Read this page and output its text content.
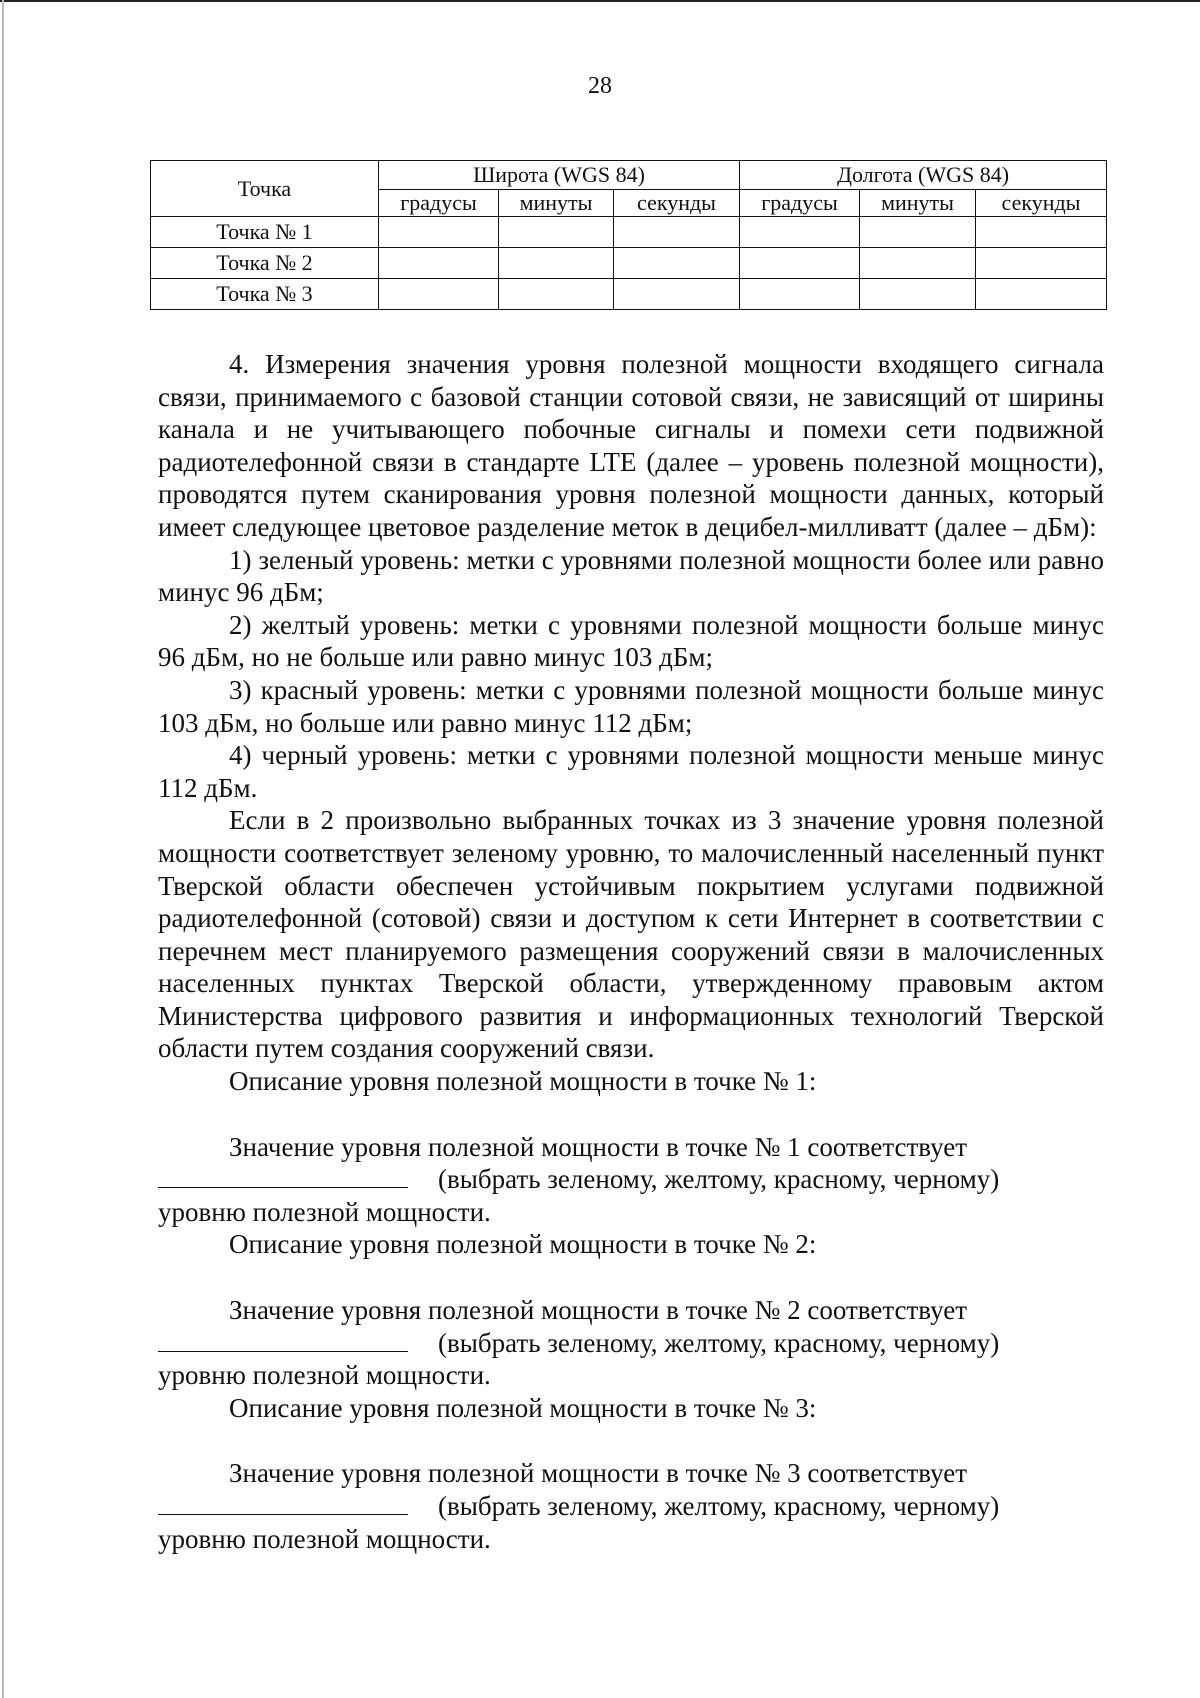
28
Точка	Широта (WGS 84)			Долгота (WGS 84)		
	градусы	минуты	секунды	градусы	минуты	секунды
Точка № 1						
Точка № 2						
Точка № 3						

4. Измерения значения уровня полезной мощности входящего сигнала связи, принимаемого с базовой станции сотовой связи, не зависящий от ширины канала и не учитывающего побочные сигналы и помехи сети подвижной радиотелефонной связи в стандарте LTE (далее – уровень полезной мощности), проводятся путем сканирования уровня полезной мощности данных, который имеет следующее цветовое разделение меток в децибел-милливатт (далее – дБм):

1) зеленый уровень: метки с уровнями полезной мощности более или равно минус 96 дБм;

2) желтый уровень: метки с уровнями полезной мощности больше минус 96 дБм, но не больше или равно минус 103 дБм;

3) красный уровень: метки с уровнями полезной мощности больше минус 103 дБм, но больше или равно минус 112 дБм;

4) черный уровень: метки с уровнями полезной мощности меньше минус 112 дБм.

Если в 2 произвольно выбранных точках из 3 значение уровня полезной мощности соответствует зеленому уровню, то малочисленный населенный пункт Тверской области обеспечен устойчивым покрытием услугами подвижной радиотелефонной (сотовой) связи и доступом к сети Интернет в соответствии с перечнем мест планируемого размещения сооружений связи в малочисленных населенных пунктах Тверской области, утвержденному правовым актом Министерства цифрового развития и информационных технологий Тверской области путем создания сооружений связи.

Описание уровня полезной мощности в точке № 1:

Значение уровня полезной мощности в точке № 1 соответствует

(выбрать зеленому, желтому, красному, черному)

уровню полезной мощности.

Описание уровня полезной мощности в точке № 2:

Значение уровня полезной мощности в точке № 2 соответствует

(выбрать зеленому, желтому, красному, черному)

уровню полезной мощности.

Описание уровня полезной мощности в точке № 3:

Значение уровня полезной мощности в точке № 3 соответствует

(выбрать зеленому, желтому, красному, черному)

уровню полезной мощности.
